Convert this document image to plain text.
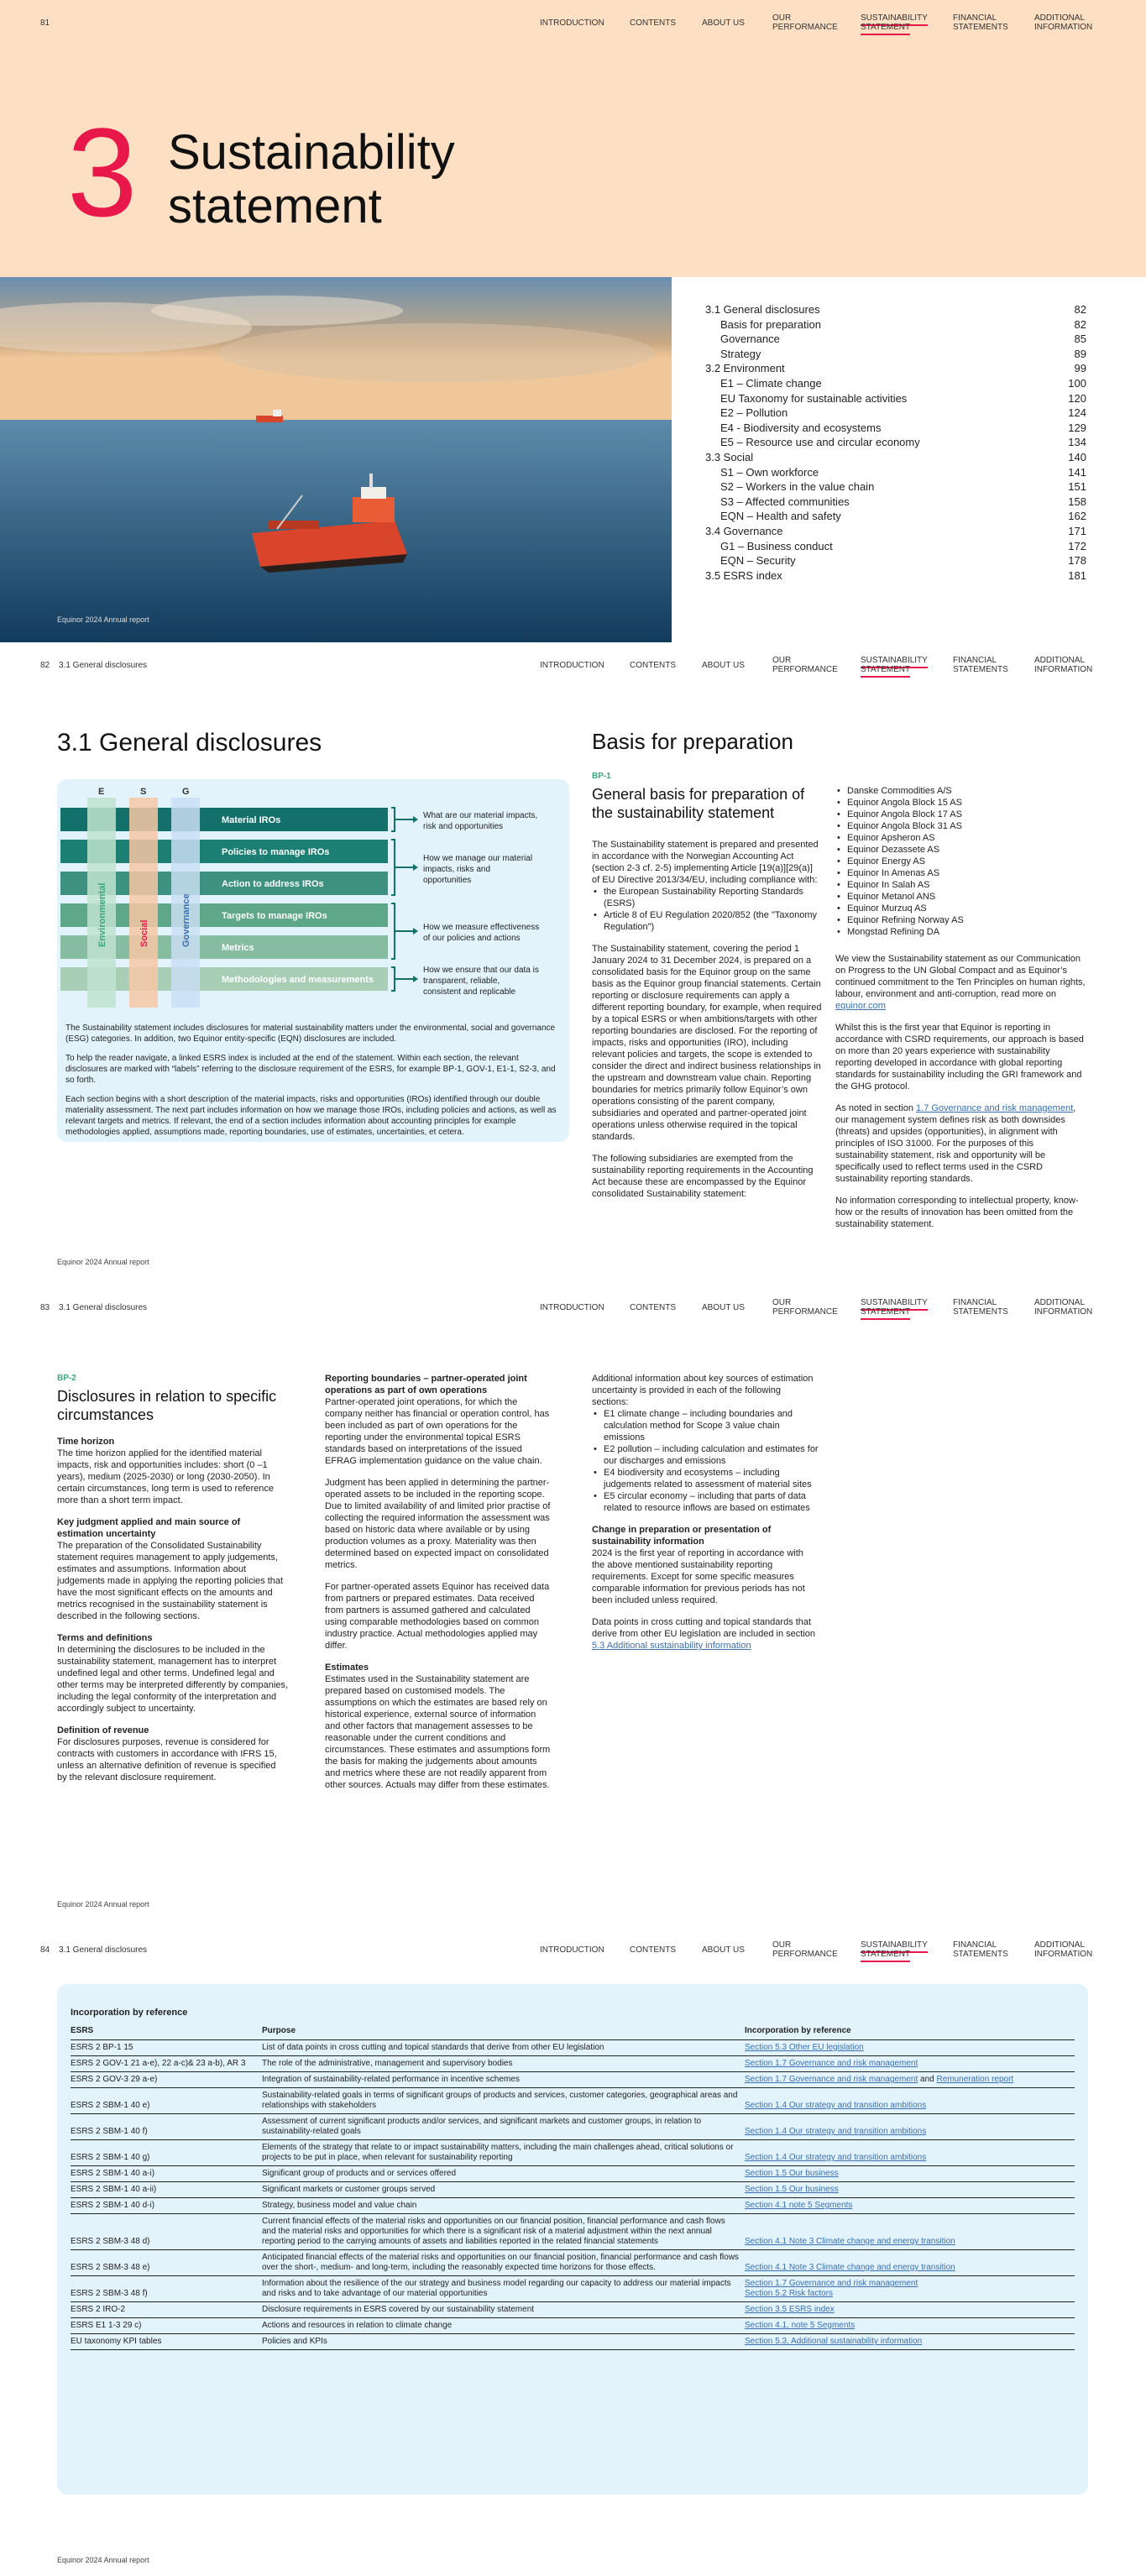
81	INTRODUCTION	CONTENTS	ABOUT US
OUR
PERFORMANCE
SUSTAINABILITY
STATEMENT
FINANCIAL
STATEMENTS
ADDITIONAL
INFORMATION
3 Sustainability
statement
Equinor 2024 Annual report
3.1 General disclosures	82
Basis for preparation	82
Governance	85
Strategy	89
3.2 Environment	99
E1 – Climate change	100
EU Taxonomy for sustainable activities	120
E2 – Pollution	124
E4 - Biodiversity and ecosystems	129
E5 – Resource use and circular economy	134
3.3 Social	140
S1 – Own workforce	141
S2 – Workers in the value chain	151
S3 – Affected communities	158
EQN – Health and safety	162
3.4 Governance	171
G1 – Business conduct	172
EQN – Security	178
3.5 ESRS index	181
82 3.1 General disclosures	INTRODUCTION	CONTENTS	ABOUT US
OUR
PERFORMANCE
SUSTAINABILITY
STATEMENT
FINANCIAL
STATEMENTS
ADDITIONAL
INFORMATION
3.1 General disclosures
Material IROs
Policies to manage IROs
Action to address IROs
Targets to manage IROs
Metrics
Methodologies and measurements
E
Environmental
S
Social
G
Governance
What are our material impacts, risk and opportunities
How we manage our material impacts, risks and opportunities
How we measure effectiveness of our policies and actions
How we ensure that our data is transparent, reliable, consistent and replicable

The Sustainability statement includes disclosures for material sustainability matters under the environmental, social and governance (ESG) categories. In addition, two Equinor entity-specific (EQN) disclosures are included.

To help the reader navigate, a linked ESRS index is included at the end of the statement. Within each section, the relevant disclosures are marked with “labels” referring to the disclosure requirement of the ESRS, for example BP-1, GOV-1, E1-1, S2-3, and so forth.

Each section begins with a short description of the material impacts, risks and opportunities (IROs) identified through our double materiality assessment. The next part includes information on how we manage those IROs, including policies and actions, as well as relevant targets and metrics. If relevant, the end of a section includes information about accounting principles for example methodologies applied, assumptions made, reporting boundaries, use of estimates, uncertainties, et cetera.

Basis for preparation
BP-1
General basis for preparation of the sustainability statement

The Sustainability statement is prepared and presented in accordance with the Norwegian Accounting Act (section 2-3 cf. 2-5) implementing Article [19(a)][29(a)] of EU Directive 2013/34/EU, including compliance with:

• the European Sustainability Reporting Standards (ESRS)
• Article 8 of EU Regulation 2020/852 (the "Taxonomy Regulation")

The Sustainability statement, covering the period 1 January 2024 to 31 December 2024, is prepared on a consolidated basis for the Equinor group on the same basis as the Equinor group financial statements. Certain reporting or disclosure requirements can apply a different reporting boundary, for example, when required by a topical ESRS or when ambitions/targets with other reporting boundaries are disclosed. For the reporting of impacts, risks and opportunities (IRO), including relevant policies and targets, the scope is extended to consider the direct and indirect business relationships in the upstream and downstream value chain. Reporting boundaries for metrics primarily follow Equinor’s own operations consisting of the parent company, subsidiaries and operated and partner-operated joint operations unless otherwise required in the topical standards.

The following subsidiaries are exempted from the sustainability reporting requirements in the Accounting Act because these are encompassed by the Equinor consolidated Sustainability statement:

• Danske Commodities A/S
• Equinor Angola Block 15 AS
• Equinor Angola Block 17 AS
• Equinor Angola Block 31 AS
• Equinor Apsheron AS
• Equinor Dezassete AS
• Equinor Energy AS
• Equinor In Amenas AS
• Equinor In Salah AS
• Equinor Metanol ANS
• Equinor Murzuq AS
• Equinor Refining Norway AS
• Mongstad Refining DA

We view the Sustainability statement as our Communication on Progress to the UN Global Compact and as Equinor’s continued commitment to the Ten Principles on human rights, labour, environment and anti-corruption, read more on equinor.com

Whilst this is the first year that Equinor is reporting in accordance with CSRD requirements, our approach is based on more than 20 years experience with sustainability reporting developed in accordance with global reporting standards for sustainability including the GRI framework and the GHG protocol.

As noted in section 1.7 Governance and risk management, our management system defines risk as both downsides (threats) and upsides (opportunities), in alignment with principles of ISO 31000. For the purposes of this sustainability statement, risk and opportunity will be specifically used to reflect terms used in the CSRD sustainability reporting standards.

No information corresponding to intellectual property, know-how or the results of innovation has been omitted from the sustainability statement.

Equinor 2024 Annual report
83 3.1 General disclosures	INTRODUCTION	CONTENTS	ABOUT US
OUR
PERFORMANCE
SUSTAINABILITY
STATEMENT
FINANCIAL
STATEMENTS
ADDITIONAL
INFORMATION
BP-2
Disclosures in relation to specific circumstances
Time horizon

The time horizon applied for the identified material impacts, risk and opportunities includes: short (0 –1 years), medium (2025-2030) or long (2030-2050). In certain circumstances, long term is used to reference more than a short term impact.

Key judgment applied and main source of estimation uncertainty

The preparation of the Consolidated Sustainability statement requires management to apply judgements, estimates and assumptions. Information about judgements made in applying the reporting policies that have the most significant effects on the amounts and metrics recognised in the sustainability statement is described in the following sections.

Terms and definitions

In determining the disclosures to be included in the sustainability statement, management has to interpret undefined legal and other terms. Undefined legal and other terms may be interpreted differently by companies, including the legal conformity of the interpretation and accordingly subject to uncertainty.

Definition of revenue

For disclosures purposes, revenue is considered for contracts with customers in accordance with IFRS 15, unless an alternative definition of revenue is specified by the relevant disclosure requirement.

Reporting boundaries – partner-operated joint operations as part of own operations

Partner-operated joint operations, for which the company neither has financial or operation control, has been included as part of own operations for the reporting under the environmental topical ESRS standards based on interpretations of the issued EFRAG implementation guidance on the value chain.

Judgment has been applied in determining the partner-operated assets to be included in the reporting scope. Due to limited availability of and limited prior practise of collecting the required information the assessment was based on historic data where available or by using production volumes as a proxy. Materiality was then determined based on expected impact on consolidated metrics.

For partner-operated assets Equinor has received data from partners or prepared estimates. Data received from partners is assumed gathered and calculated using comparable methodologies based on common industry practice. Actual methodologies applied may differ.

Estimates

Estimates used in the Sustainability statement are prepared based on customised models. The assumptions on which the estimates are based rely on historical experience, external source of information and other factors that management assesses to be reasonable under the current conditions and circumstances. These estimates and assumptions form the basis for making the judgements about amounts and metrics where these are not readily apparent from other sources. Actuals may differ from these estimates.

Additional information about key sources of estimation uncertainty is provided in each of the following sections:

• E1 climate change – including boundaries and calculation method for Scope 3 value chain emissions
• E2 pollution – including calculation and estimates for our discharges and emissions
• E4 biodiversity and ecosystems – including judgements related to assessment of material sites
• E5 circular economy – including that parts of data related to resource inflows are based on estimates
Change in preparation or presentation of sustainability information

2024 is the first year of reporting in accordance with the above mentioned sustainability reporting requirements. Except for some specific measures comparable information for previous periods has not been included unless required.

Data points in cross cutting and topical standards that derive from other EU legislation are included in section 5.3 Additional sustainability information

Equinor 2024 Annual report
84 3.1 General disclosures	INTRODUCTION	CONTENTS	ABOUT US
OUR
PERFORMANCE
SUSTAINABILITY
STATEMENT
FINANCIAL
STATEMENTS
ADDITIONAL
INFORMATION
Incorporation by reference
ESRS	Purpose	Incorporation by reference
ESRS 2 BP-1 15	List of data points in cross cutting and topical standards that derive from other EU legislation	Section 5.3 Other EU legislation
ESRS 2 GOV-1 21 a-e), 22 a-c)& 23 a-b), AR 3	The role of the administrative, management and supervisory bodies	Section 1.7 Governance and risk management
ESRS 2 GOV-3 29 a-e)	Integration of sustainability-related performance in incentive schemes	Section 1.7 Governance and risk management and Remuneration report
ESRS 2 SBM-1 40 e)	Sustainability-related goals in terms of significant groups of products and services, customer categories, geographical areas and relationships with stakeholders	Section 1.4 Our strategy and transition ambitions
ESRS 2 SBM-1 40 f)	Assessment of current significant products and/or services, and significant markets and customer groups, in relation to sustainability-related goals	Section 1.4 Our strategy and transition ambitions
ESRS 2 SBM-1 40 g)	Elements of the strategy that relate to or impact sustainability matters, including the main challenges ahead, critical solutions or projects to be put in place, when relevant for sustainability reporting	Section 1.4 Our strategy and transition ambitions
ESRS 2 SBM-1 40 a-i)	Significant group of products and or services offered	Section 1.5 Our business
ESRS 2 SBM-1 40 a-ii)	Significant markets or customer groups served	Section 1.5 Our business
ESRS 2 SBM-1 40 d-i)	Strategy, business model and value chain	Section 4.1 note 5 Segments
ESRS 2 SBM-3 48 d)	Current financial effects of the material risks and opportunities on our financial position, financial performance and cash flows and the material risks and opportunities for which there is a significant risk of a material adjustment within the next annual reporting period to the carrying amounts of assets and liabilities reported in the related financial statements	Section 4.1 Note 3 Climate change and energy transition
ESRS 2 SBM-3 48 e)	Anticipated financial effects of the material risks and opportunities on our financial position, financial performance and cash flows over the short-, medium- and long-term, including the reasonably expected time horizons for those effects.	Section 4.1 Note 3 Climate change and energy transition
ESRS 2 SBM-3 48 f)	Information about the resilience of the our strategy and business model regarding our capacity to address our material impacts and risks and to take advantage of our material opportunities	Section 1.7 Governance and risk management
Section 5.2 Risk factors
ESRS 2 IRO-2	Disclosure requirements in ESRS covered by our sustainability statement	Section 3.5 ESRS index
ESRS E1 1-3 29 c)	Actions and resources in relation to climate change	Section 4.1, note 5 Segments
EU taxonomy KPI tables	Policies and KPIs	Section 5.3, Additional sustainability information
Equinor 2024 Annual report
